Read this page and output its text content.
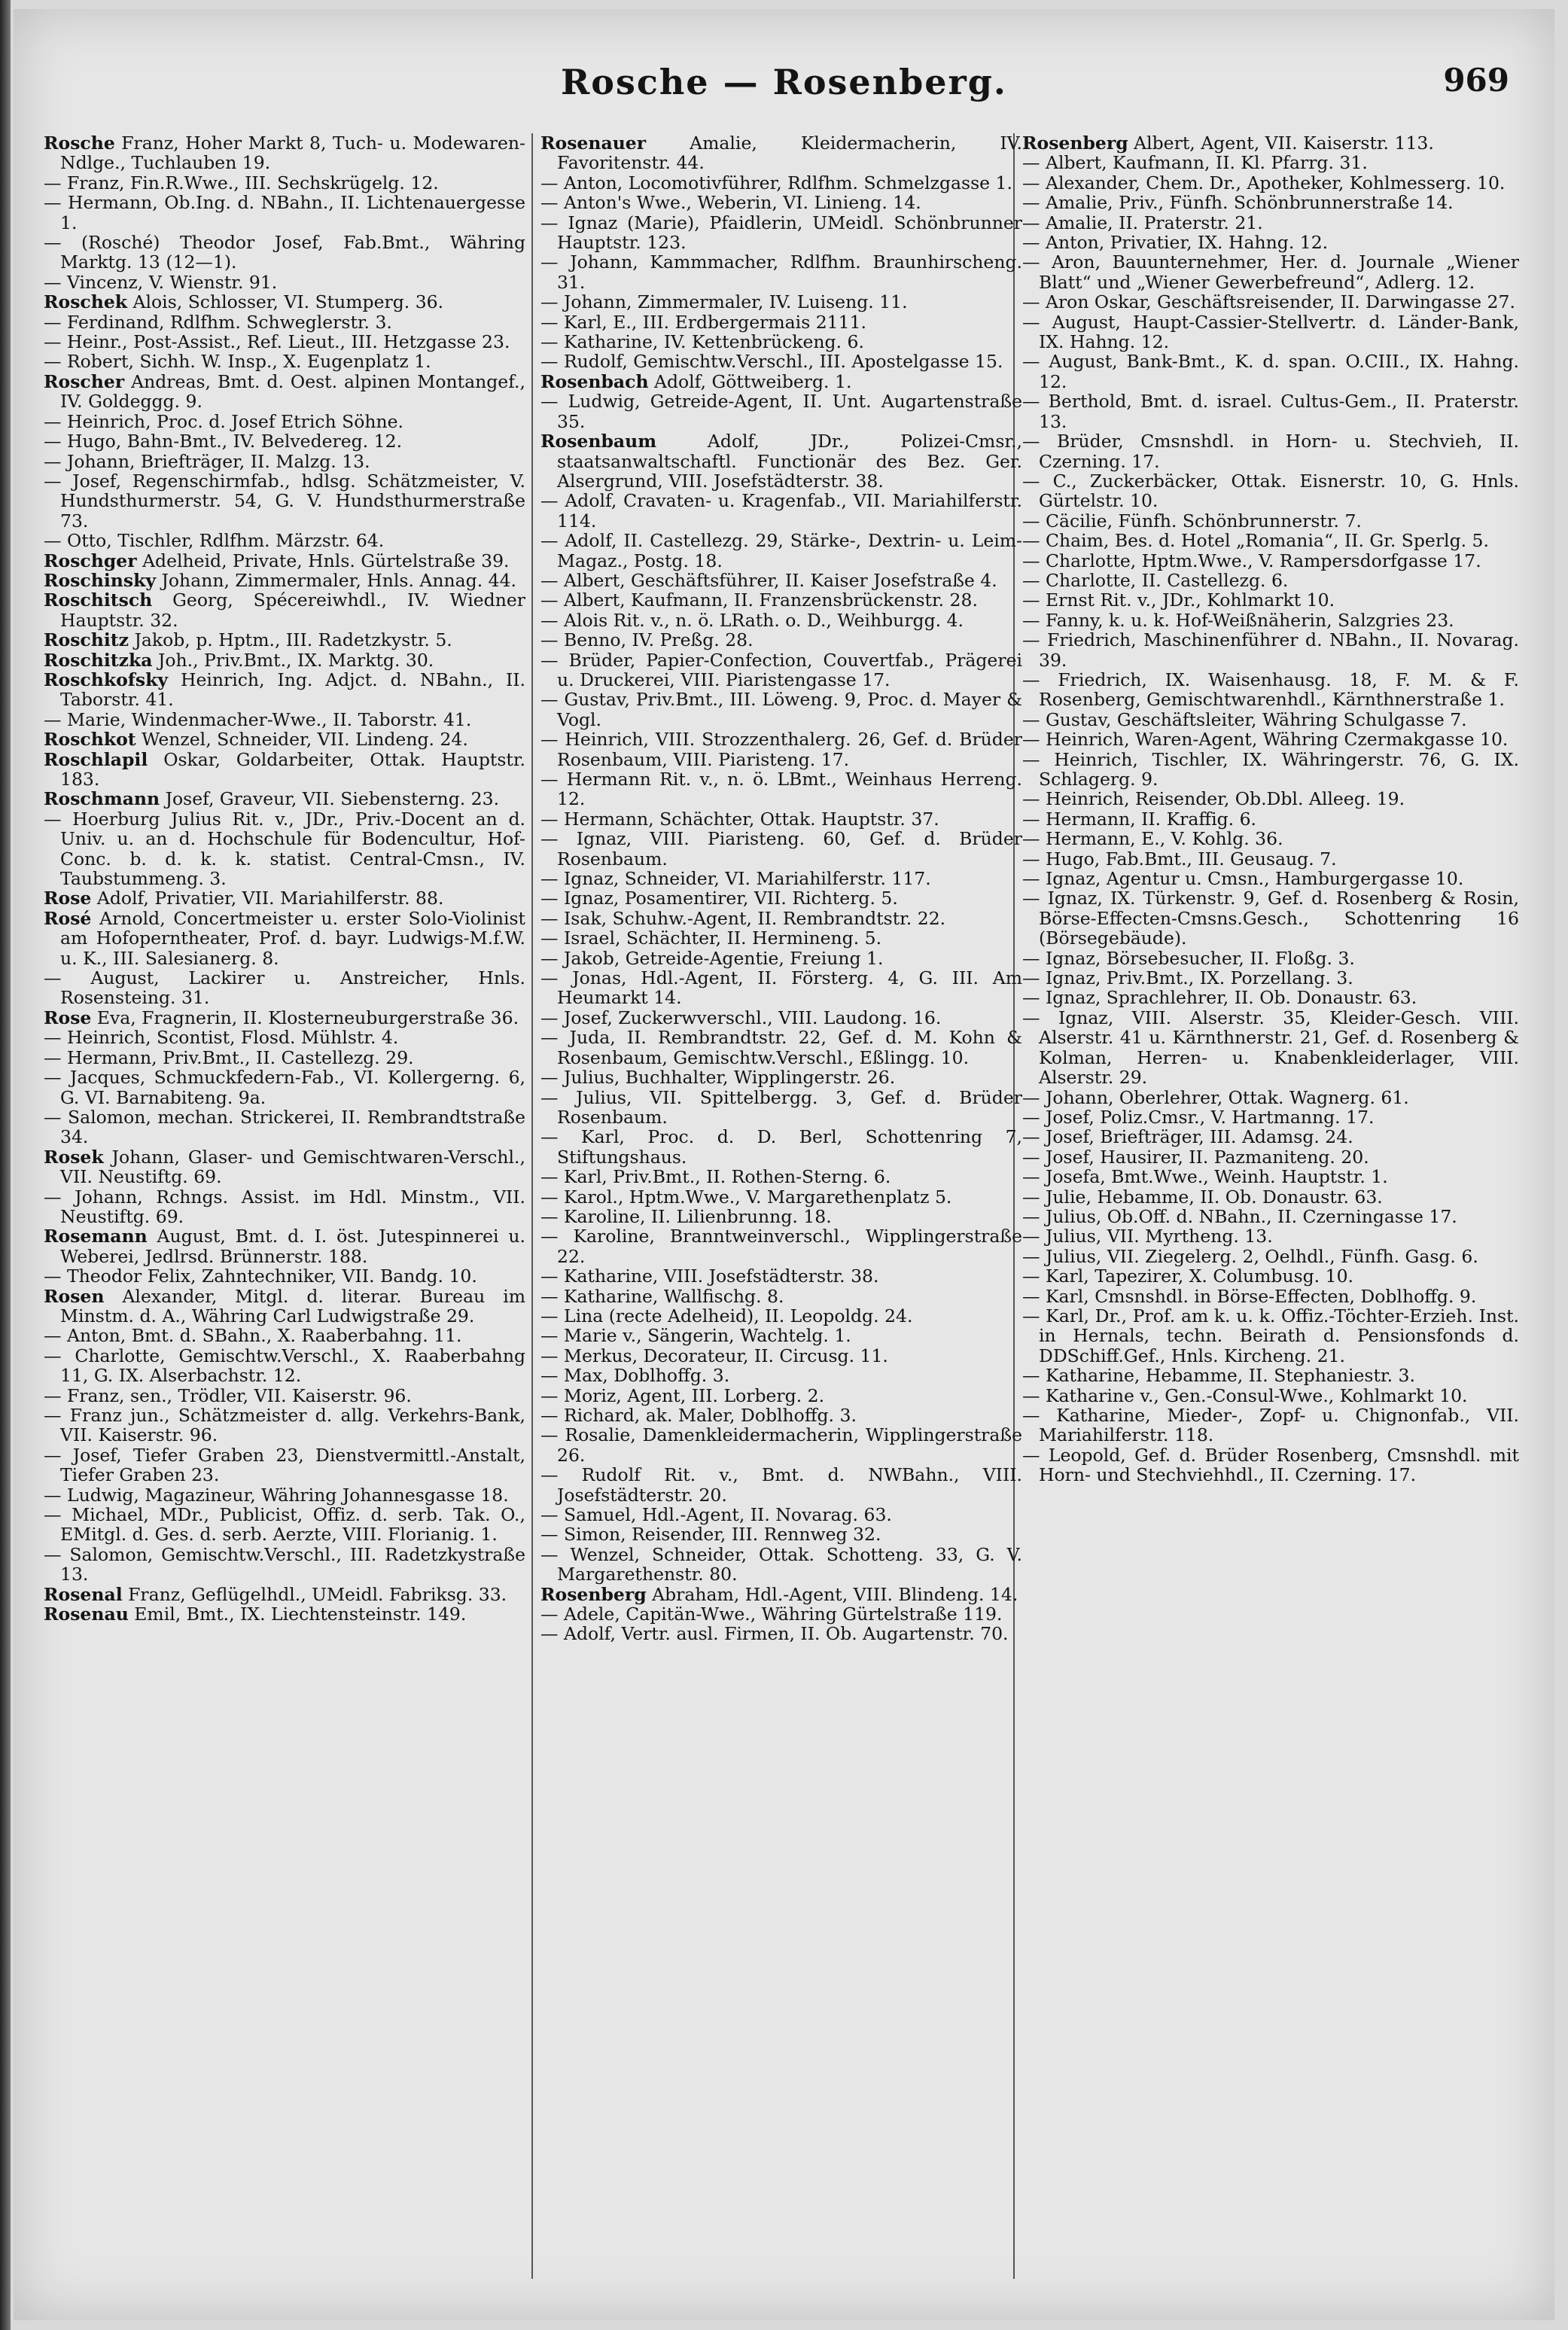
Rosche — Rosenberg.	969

Rosche Franz, Hoher Markt 8, Tuch- u. Modewaren-Ndlge., Tuchlauben 19.

— Franz, Fin.R.Wwe., III. Sechskrügelg. 12.

— Hermann, Ob.Ing. d. NBahn., II. Lichtenauergesse 1.

— (Rosché) Theodor Josef, Fab.Bmt., Währing Marktg. 13 (12—1).

— Vincenz, V. Wienstr. 91.

Roschek Alois, Schlosser, VI. Stumperg. 36.

— Ferdinand, Rdlfhm. Schweglerstr. 3.

— Heinr., Post-Assist., Ref. Lieut., III. Hetzgasse 23.

— Robert, Sichh. W. Insp., X. Eugenplatz 1.

Roscher Andreas, Bmt. d. Oest. alpinen Montangef., IV. Goldeggg. 9.

— Heinrich, Proc. d. Josef Etrich Söhne.

— Hugo, Bahn-Bmt., IV. Belvedereg. 12.

— Johann, Briefträger, II. Malzg. 13.

— Josef, Regenschirmfab., hdlsg. Schätzmeister, V. Hundsthurmerstr. 54, G. V. Hundsthurmerstraße 73.

— Otto, Tischler, Rdlfhm. Märzstr. 64.

Roschger Adelheid, Private, Hnls. Gürtelstraße 39.

Roschinsky Johann, Zimmermaler, Hnls. Annag. 44.

Roschitsch Georg, Spécereiwhdl., IV. Wiedner Hauptstr. 32.

Roschitz Jakob, p. Hptm., III. Radetzkystr. 5.

Roschitzka Joh., Priv.Bmt., IX. Marktg. 30.

Roschkofsky Heinrich, Ing. Adjct. d. NBahn., II. Taborstr. 41.

— Marie, Windenmacher-Wwe., II. Taborstr. 41.

Roschkot Wenzel, Schneider, VII. Lindeng. 24.

Roschlapil Oskar, Goldarbeiter, Ottak. Hauptstr. 183.

Roschmann Josef, Graveur, VII. Siebensterng. 23.

— Hoerburg Julius Rit. v., JDr., Priv.-Docent an d. Univ. u. an d. Hochschule für Bodencultur, Hof-Conc. b. d. k. k. statist. Central-Cmsn., IV. Taubstummeng. 3.

Rose Adolf, Privatier, VII. Mariahilferstr. 88.

Rosé Arnold, Concertmeister u. erster Solo-Violinist am Hofoperntheater, Prof. d. bayr. Ludwigs-M.f.W. u. K., III. Salesianerg. 8.

— August, Lackirer u. Anstreicher, Hnls. Rosensteing. 31.

Rose Eva, Fragnerin, II. Klosterneuburgerstraße 36.

— Heinrich, Scontist, Flosd. Mühlstr. 4.

— Hermann, Priv.Bmt., II. Castellezg. 29.

— Jacques, Schmuckfedern-Fab., VI. Kollergerng. 6, G. VI. Barnabiteng. 9a.

— Salomon, mechan. Strickerei, II. Rembrandtstraße 34.

Rosek Johann, Glaser- und Gemischtwaren-Verschl., VII. Neustiftg. 69.

— Johann, Rchngs. Assist. im Hdl. Minstm., VII. Neustiftg. 69.

Rosemann August, Bmt. d. I. öst. Jutespinnerei u. Weberei, Jedlrsd. Brünnerstr. 188.

— Theodor Felix, Zahntechniker, VII. Bandg. 10.

Rosen Alexander, Mitgl. d. literar. Bureau im Minstm. d. A., Währing Carl Ludwigstraße 29.

— Anton, Bmt. d. SBahn., X. Raaberbahng. 11.

— Charlotte, Gemischtw.Verschl., X. Raaberbahng 11, G. IX. Alserbachstr. 12.

— Franz, sen., Trödler, VII. Kaiserstr. 96.

— Franz jun., Schätzmeister d. allg. Verkehrs-Bank, VII. Kaiserstr. 96.

— Josef, Tiefer Graben 23, Dienstvermittl.-Anstalt, Tiefer Graben 23.

— Ludwig, Magazineur, Währing Johannesgasse 18.

— Michael, MDr., Publicist, Offiz. d. serb. Tak. O., EMitgl. d. Ges. d. serb. Aerzte, VIII. Florianig. 1.

— Salomon, Gemischtw.Verschl., III. Radetzkystraße 13.

Rosenal Franz, Geflügelhdl., UMeidl. Fabriksg. 33.

Rosenau Emil, Bmt., IX. Liechtensteinstr. 149.

Rosenauer Amalie, Kleidermacherin, IV. Favoritenstr. 44.

— Anton, Locomotivführer, Rdlfhm. Schmelzgasse 1.

— Anton's Wwe., Weberin, VI. Linieng. 14.

— Ignaz (Marie), Pfaidlerin, UMeidl. Schönbrunner Hauptstr. 123.

— Johann, Kammmacher, Rdlfhm. Braunhirscheng. 31.

— Johann, Zimmermaler, IV. Luiseng. 11.

— Karl, E., III. Erdbergermais 2111.

— Katharine, IV. Kettenbrückeng. 6.

— Rudolf, Gemischtw.Verschl., III. Apostelgasse 15.

Rosenbach Adolf, Göttweiberg. 1.

— Ludwig, Getreide-Agent, II. Unt. Augartenstraße 35.

Rosenbaum Adolf, JDr., Polizei-Cmsr., staatsanwaltschaftl. Functionär des Bez. Ger. Alsergrund, VIII. Josefstädterstr. 38.

— Adolf, Cravaten- u. Kragenfab., VII. Mariahilferstr. 114.

— Adolf, II. Castellezg. 29, Stärke-, Dextrin- u. Leim-Magaz., Postg. 18.

— Albert, Geschäftsführer, II. Kaiser Josefstraße 4.

— Albert, Kaufmann, II. Franzensbrückenstr. 28.

— Alois Rit. v., n. ö. LRath. o. D., Weihburgg. 4.

— Benno, IV. Preßg. 28.

— Brüder, Papier-Confection, Couvertfab., Prägerei u. Druckerei, VIII. Piaristengasse 17.

— Gustav, Priv.Bmt., III. Löweng. 9, Proc. d. Mayer & Vogl.

— Heinrich, VIII. Strozzenthalerg. 26, Gef. d. Brüder Rosenbaum, VIII. Piaristeng. 17.

— Hermann Rit. v., n. ö. LBmt., Weinhaus Herreng. 12.

— Hermann, Schächter, Ottak. Hauptstr. 37.

— Ignaz, VIII. Piaristeng. 60, Gef. d. Brüder Rosenbaum.

— Ignaz, Schneider, VI. Mariahilferstr. 117.

— Ignaz, Posamentirer, VII. Richterg. 5.

— Isak, Schuhw.-Agent, II. Rembrandtstr. 22.

— Israel, Schächter, II. Hermineng. 5.

— Jakob, Getreide-Agentie, Freiung 1.

— Jonas, Hdl.-Agent, II. Försterg. 4, G. III. Am Heumarkt 14.

— Josef, Zuckerwverschl., VIII. Laudong. 16.

— Juda, II. Rembrandtstr. 22, Gef. d. M. Kohn & Rosenbaum, Gemischtw.Verschl., Eßlingg. 10.

— Julius, Buchhalter, Wipplingerstr. 26.

— Julius, VII. Spittelbergg. 3, Gef. d. Brüder Rosenbaum.

— Karl, Proc. d. D. Berl, Schottenring 7, Stiftungshaus.

— Karl, Priv.Bmt., II. Rothen-Sterng. 6.

— Karol., Hptm.Wwe., V. Margarethenplatz 5.

— Karoline, II. Lilienbrunng. 18.

— Karoline, Branntweinverschl., Wipplingerstraße 22.

— Katharine, VIII. Josefstädterstr. 38.

— Katharine, Wallfischg. 8.

— Lina (recte Adelheid), II. Leopoldg. 24.

— Marie v., Sängerin, Wachtelg. 1.

— Merkus, Decorateur, II. Circusg. 11.

— Max, Doblhoffg. 3.

— Moriz, Agent, III. Lorberg. 2.

— Richard, ak. Maler, Doblhoffg. 3.

— Rosalie, Damenkleidermacherin, Wipplingerstraße 26.

— Rudolf Rit. v., Bmt. d. NWBahn., VIII. Josefstädterstr. 20.

— Samuel, Hdl.-Agent, II. Novarag. 63.

— Simon, Reisender, III. Rennweg 32.

— Wenzel, Schneider, Ottak. Schotteng. 33, G. V. Margarethenstr. 80.

Rosenberg Abraham, Hdl.-Agent, VIII. Blindeng. 14.

— Adele, Capitän-Wwe., Währing Gürtelstraße 119.

— Adolf, Vertr. ausl. Firmen, II. Ob. Augartenstr. 70.

Rosenberg Albert, Agent, VII. Kaiserstr. 113.

— Albert, Kaufmann, II. Kl. Pfarrg. 31.

— Alexander, Chem. Dr., Apotheker, Kohlmesserg. 10.

— Amalie, Priv., Fünfh. Schönbrunnerstraße 14.

— Amalie, II. Praterstr. 21.

— Anton, Privatier, IX. Hahng. 12.

— Aron, Bauunternehmer, Her. d. Journale „Wiener Blatt“ und „Wiener Gewerbefreund“, Adlerg. 12.

— Aron Oskar, Geschäftsreisender, II. Darwingasse 27.

— August, Haupt-Cassier-Stellvertr. d. Länder-Bank, IX. Hahng. 12.

— August, Bank-Bmt., K. d. span. O.CIII., IX. Hahng. 12.

— Berthold, Bmt. d. israel. Cultus-Gem., II. Praterstr. 13.

— Brüder, Cmsnshdl. in Horn- u. Stechvieh, II. Czerning. 17.

— C., Zuckerbäcker, Ottak. Eisnerstr. 10, G. Hnls. Gürtelstr. 10.

— Cäcilie, Fünfh. Schönbrunnerstr. 7.

— Chaim, Bes. d. Hotel „Romania“, II. Gr. Sperlg. 5.

— Charlotte, Hptm.Wwe., V. Rampersdorfgasse 17.

— Charlotte, II. Castellezg. 6.

— Ernst Rit. v., JDr., Kohlmarkt 10.

— Fanny, k. u. k. Hof-Weißnäherin, Salzgries 23.

— Friedrich, Maschinenführer d. NBahn., II. Novarag. 39.

— Friedrich, IX. Waisenhausg. 18, F. M. & F. Rosenberg, Gemischtwarenhdl., Kärnthnerstraße 1.

— Gustav, Geschäftsleiter, Währing Schulgasse 7.

— Heinrich, Waren-Agent, Währing Czermakgasse 10.

— Heinrich, Tischler, IX. Währingerstr. 76, G. IX. Schlagerg. 9.

— Heinrich, Reisender, Ob.Dbl. Alleeg. 19.

— Hermann, II. Kraffig. 6.

— Hermann, E., V. Kohlg. 36.

— Hugo, Fab.Bmt., III. Geusaug. 7.

— Ignaz, Agentur u. Cmsn., Hamburgergasse 10.

— Ignaz, IX. Türkenstr. 9, Gef. d. Rosenberg & Rosin, Börse-Effecten-Cmsns.Gesch., Schottenring 16 (Börsegebäude).

— Ignaz, Börsebesucher, II. Floßg. 3.

— Ignaz, Priv.Bmt., IX. Porzellang. 3.

— Ignaz, Sprachlehrer, II. Ob. Donaustr. 63.

— Ignaz, VIII. Alserstr. 35, Kleider-Gesch. VIII. Alserstr. 41 u. Kärnthnerstr. 21, Gef. d. Rosenberg & Kolman, Herren- u. Knabenkleiderlager, VIII. Alserstr. 29.

— Johann, Oberlehrer, Ottak. Wagnerg. 61.

— Josef, Poliz.Cmsr., V. Hartmanng. 17.

— Josef, Briefträger, III. Adamsg. 24.

— Josef, Hausirer, II. Pazmaniteng. 20.

— Josefa, Bmt.Wwe., Weinh. Hauptstr. 1.

— Julie, Hebamme, II. Ob. Donaustr. 63.

— Julius, Ob.Off. d. NBahn., II. Czerningasse 17.

— Julius, VII. Myrtheng. 13.

— Julius, VII. Ziegelerg. 2, Oelhdl., Fünfh. Gasg. 6.

— Karl, Tapezirer, X. Columbusg. 10.

— Karl, Cmsnshdl. in Börse-Effecten, Doblhoffg. 9.

— Karl, Dr., Prof. am k. u. k. Offiz.-Töchter-Erzieh. Inst. in Hernals, techn. Beirath d. Pensionsfonds d. DDSchiff.Gef., Hnls. Kircheng. 21.

— Katharine, Hebamme, II. Stephaniestr. 3.

— Katharine v., Gen.-Consul-Wwe., Kohlmarkt 10.

— Katharine, Mieder-, Zopf- u. Chignonfab., VII. Mariahilferstr. 118.

— Leopold, Gef. d. Brüder Rosenberg, Cmsnshdl. mit Horn- und Stechviehhdl., II. Czerning. 17.
